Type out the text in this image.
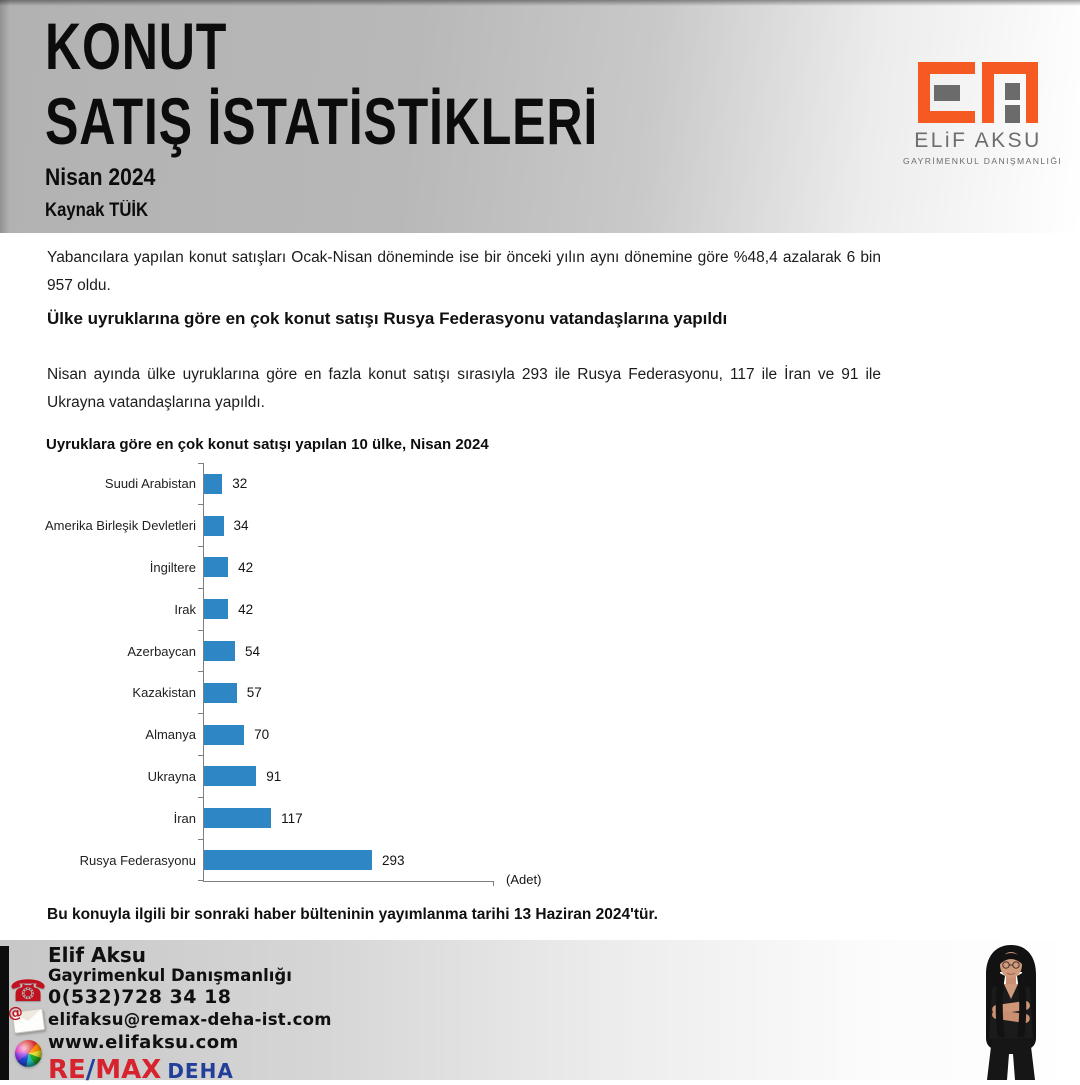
KONUT
SATIŞ İSTATİSTİKLERİ

Nisan 2024

Kaynak TÜİK

ELiF AKSU
GAYRİMENKUL DANIŞMANLIĞI

Yabancılara yapılan konut satışları Ocak-Nisan döneminde ise bir önceki yılın aynı dönemine göre %48,4 azalarak 6 bin 957 oldu.

Ülke uyruklarına göre en çok konut satışı Rusya Federasyonu vatandaşlarına yapıldı

Nisan ayında ülke uyruklarına göre en fazla konut satışı sırasıyla 293 ile Rusya Federasyonu, 117 ile İran ve 91 ile Ukrayna vatandaşlarına yapıldı.

Uyruklara göre en çok konut satışı yapılan 10 ülke, Nisan 2024
Suudi Arabistan	32
Amerika Birleşik Devletleri	34
İngiltere	42
Irak	42
Azerbaycan	54
Kazakistan	57
Almanya	70
Ukrayna	91
İran	117
Rusya Federasyonu	293
(Adet)

Bu konuyla ilgili bir sonraki haber bülteninin yayımlanma tarihi 13 Haziran 2024'tür.

☎
@
Elif Aksu
Gayrimenkul Danışmanlığı
0(532)728 34 18
elifaksu@remax-deha-ist.com
www.elifaksu.com
RE/MAX DEHA
